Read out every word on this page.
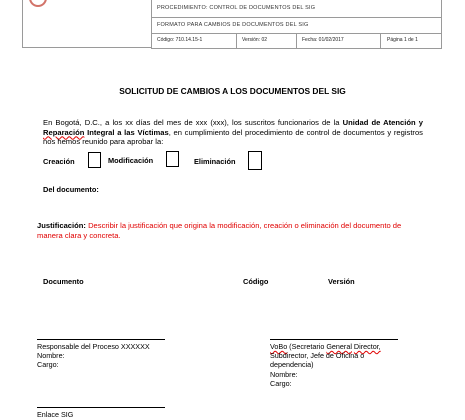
PROCEDIMIENTO: CONTROL DE DOCUMENTOS DEL SIG
FORMATO PARA CAMBIOS DE DOCUMENTOS DEL SIG
Código: 710.14.15-1	Versión: 02	Fecha: 01/02/2017	Página 1 de 1
SOLICITUD DE CAMBIOS A LOS DOCUMENTOS DEL SIG
En Bogotá, D.C., a los xx días del mes de xxx (xxx), los suscritos funcionarios de la Unidad de Atención y Reparación Integral a las Víctimas, en cumplimiento del procedimiento de control de documentos y registros nos hemos reunido para aprobar la:
Creación	Modificación	Eliminación
Del documento:
Justificación: Describir la justificación que origina la modificación, creación o eliminación del documento de manera clara y concreta.
Documento	Código	Versión
Responsable del Proceso XXXXXX
Nombre:
Cargo:
VoBo (Secretario General Director,
Subdirector, Jefe de Oficina o
dependencia)
Nombre:
Cargo:
Enlace SIG
